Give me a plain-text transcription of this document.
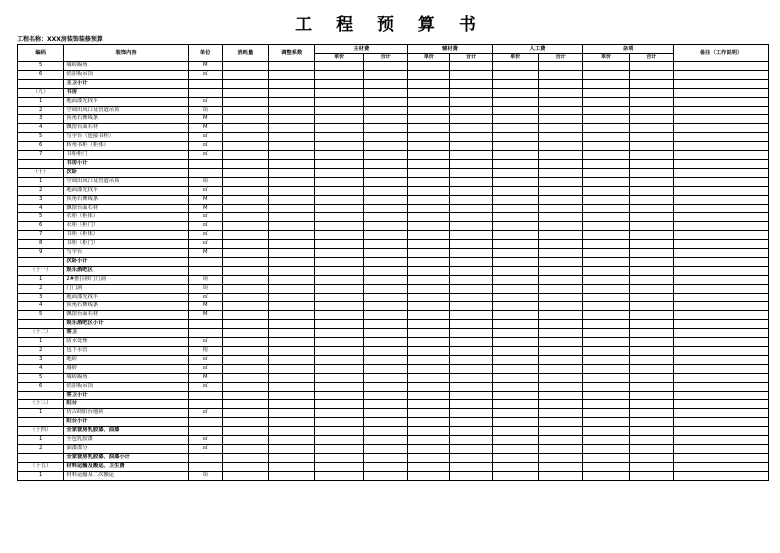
工 程 预 算 书
工程名称：XXX房装饰装修预算
编码	装饰内容	单位	消耗量	调整系数	主材费		辅材费		人工费		杂项		备注（工作说明）
					单价	合计	单价	合计	单价	合计	单价	合计	
5	墙砖踢角	M											
6	铝扣板吊顶	㎡											
	主卫小计												
（九）	书房												
1	地面漆光找平	㎡											
2	空调出风口及管道吊顶	项											
3	顶角石膏线条	M											
4	飘窗台面石材	M											
5	写字台（连接书柜）	㎡											
6	转角书柜（柜体）	㎡											
7	书柜柜门	㎡											
	书房小计												
（十）	次卧												
1	空调出风口及管道吊顶	项											
2	地面漆光找平	㎡											
3	顶角石膏线条	M											
4	飘窗台面石材	M											
5	衣柜（柜体）	㎡											
6	衣柜（柜门）	㎡											
7	书柜（柜体）	㎡											
8	书柜（柜门）	㎡											
9	写字台	M											
	次卧小计												
（十一）	娱乐酒吧区												
1	2#推拉移门门洞	项											
2	门门洞	项											
3	地面漆光找平	㎡											
4	顶角石膏线条	M											
5	飘窗台面石材	M											
	娱乐酒吧区小计												
（十二）	客卫												
1	防水处理	㎡											
2	包下水管	根											
3	地砖	㎡											
4	墙砖	㎡											
5	墙砖踢角	M											
6	铝扣板吊顶	㎡											
	客卫小计												
（十三）	阳台												
1	仿古砖阳台地砖	㎡											
	阳台小计												
（十四）	全家套房乳胶漆、油漆												
1	全包乳胶漆	㎡											
2	油漆部分	㎡											
	全家套房乳胶漆、油漆小计												
（十五）	材料运输及搬运、卫生费												
1	材料运输及二次搬运	项											
